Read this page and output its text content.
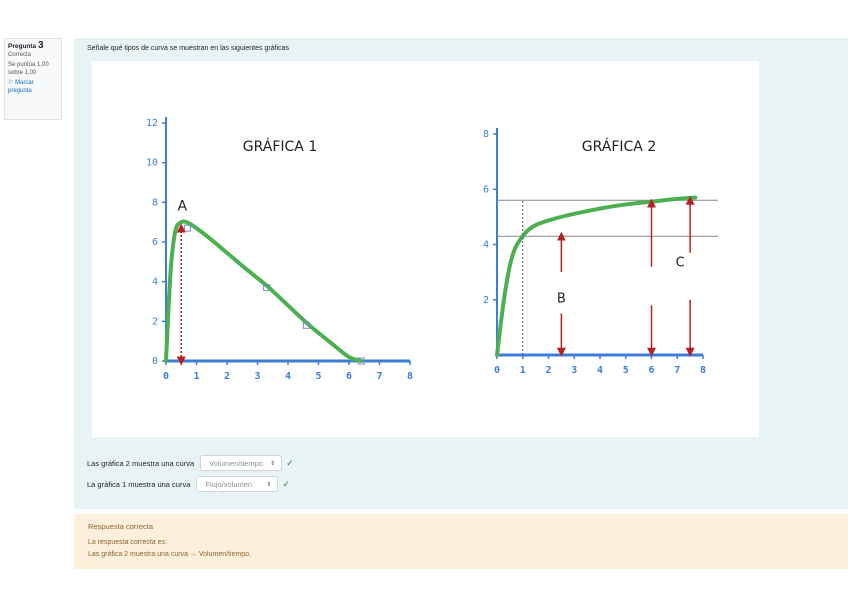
Pregunta 3
Correcta
Se puntúa 1,00 sobre 1,00
⚐ Marcar pregunta
Señale qué tipos de curva se muestran en las siguientes gráficas
GRÁFICA 1
0 1 2 3 4 5 6 7 8
0
2
4
6
8
10
12
A
GRÁFICA 2
0 1 2 3 4 5 6 7 8
2
4
6
8
B
C
Las gráfica 2 muestra una curva Volumen/tiempo ⇕ ✓
La gráfica 1 muestra una curva Flujo/volumen ⇕ ✓
Respuesta correcta
La respuesta correcta es:
Las gráfica 2 muestra una curva → Volumen/tiempo,
